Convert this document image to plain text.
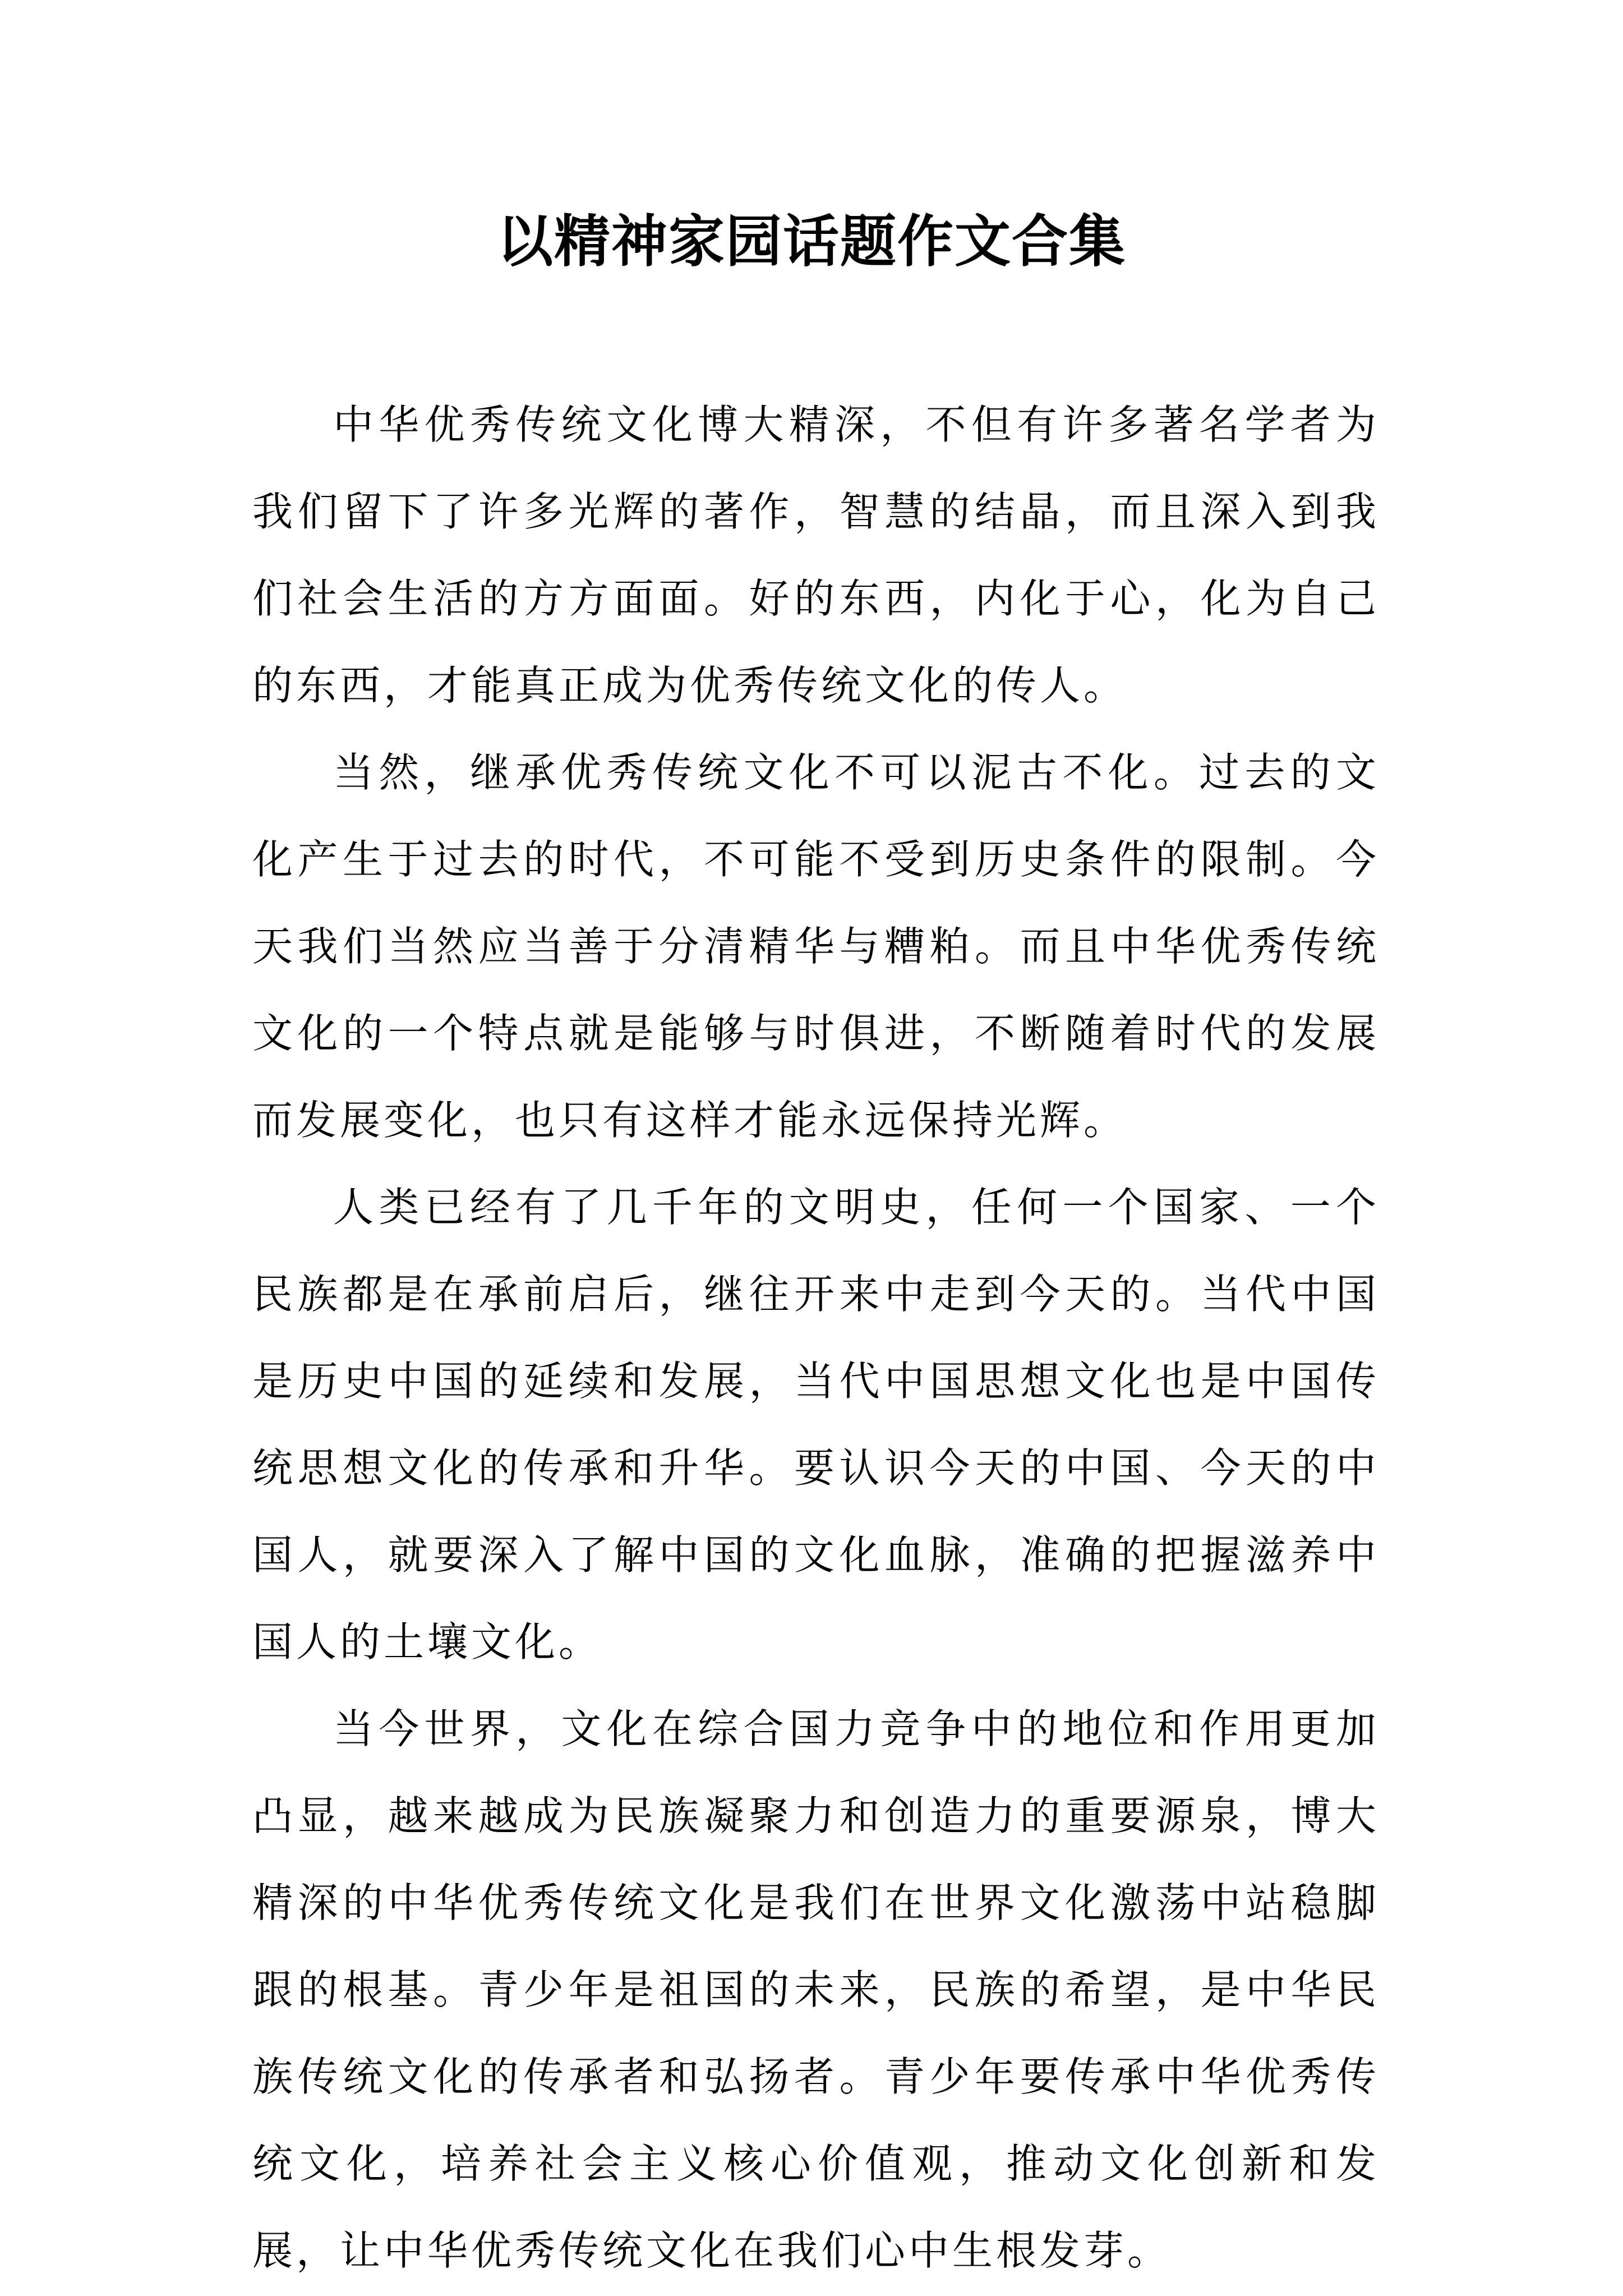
以精神家园话题作文合集

中华优秀传统文化博大精深，不但有许多著名学者为我们留下了许多光辉的著作，智慧的结晶，而且深入到我们社会生活的方方面面。好的东西，内化于心，化为自己的东西，才能真正成为优秀传统文化的传人。

当然，继承优秀传统文化不可以泥古不化。过去的文化产生于过去的时代，不可能不受到历史条件的限制。今天我们当然应当善于分清精华与糟粕。而且中华优秀传统文化的一个特点就是能够与时俱进，不断随着时代的发展而发展变化，也只有这样才能永远保持光辉。

人类已经有了几千年的文明史，任何一个国家、一个民族都是在承前启后，继往开来中走到今天的。当代中国是历史中国的延续和发展，当代中国思想文化也是中国传统思想文化的传承和升华。要认识今天的中国、今天的中国人，就要深入了解中国的文化血脉，准确的把握滋养中国人的土壤文化。

当今世界，文化在综合国力竞争中的地位和作用更加凸显，越来越成为民族凝聚力和创造力的重要源泉，博大精深的中华优秀传统文化是我们在世界文化激荡中站稳脚跟的根基。青少年是祖国的未来，民族的希望，是中华民族传统文化的传承者和弘扬者。青少年要传承中华优秀传统文化，培养社会主义核心价值观，推动文化创新和发展，让中华优秀传统文化在我们心中生根发芽。
